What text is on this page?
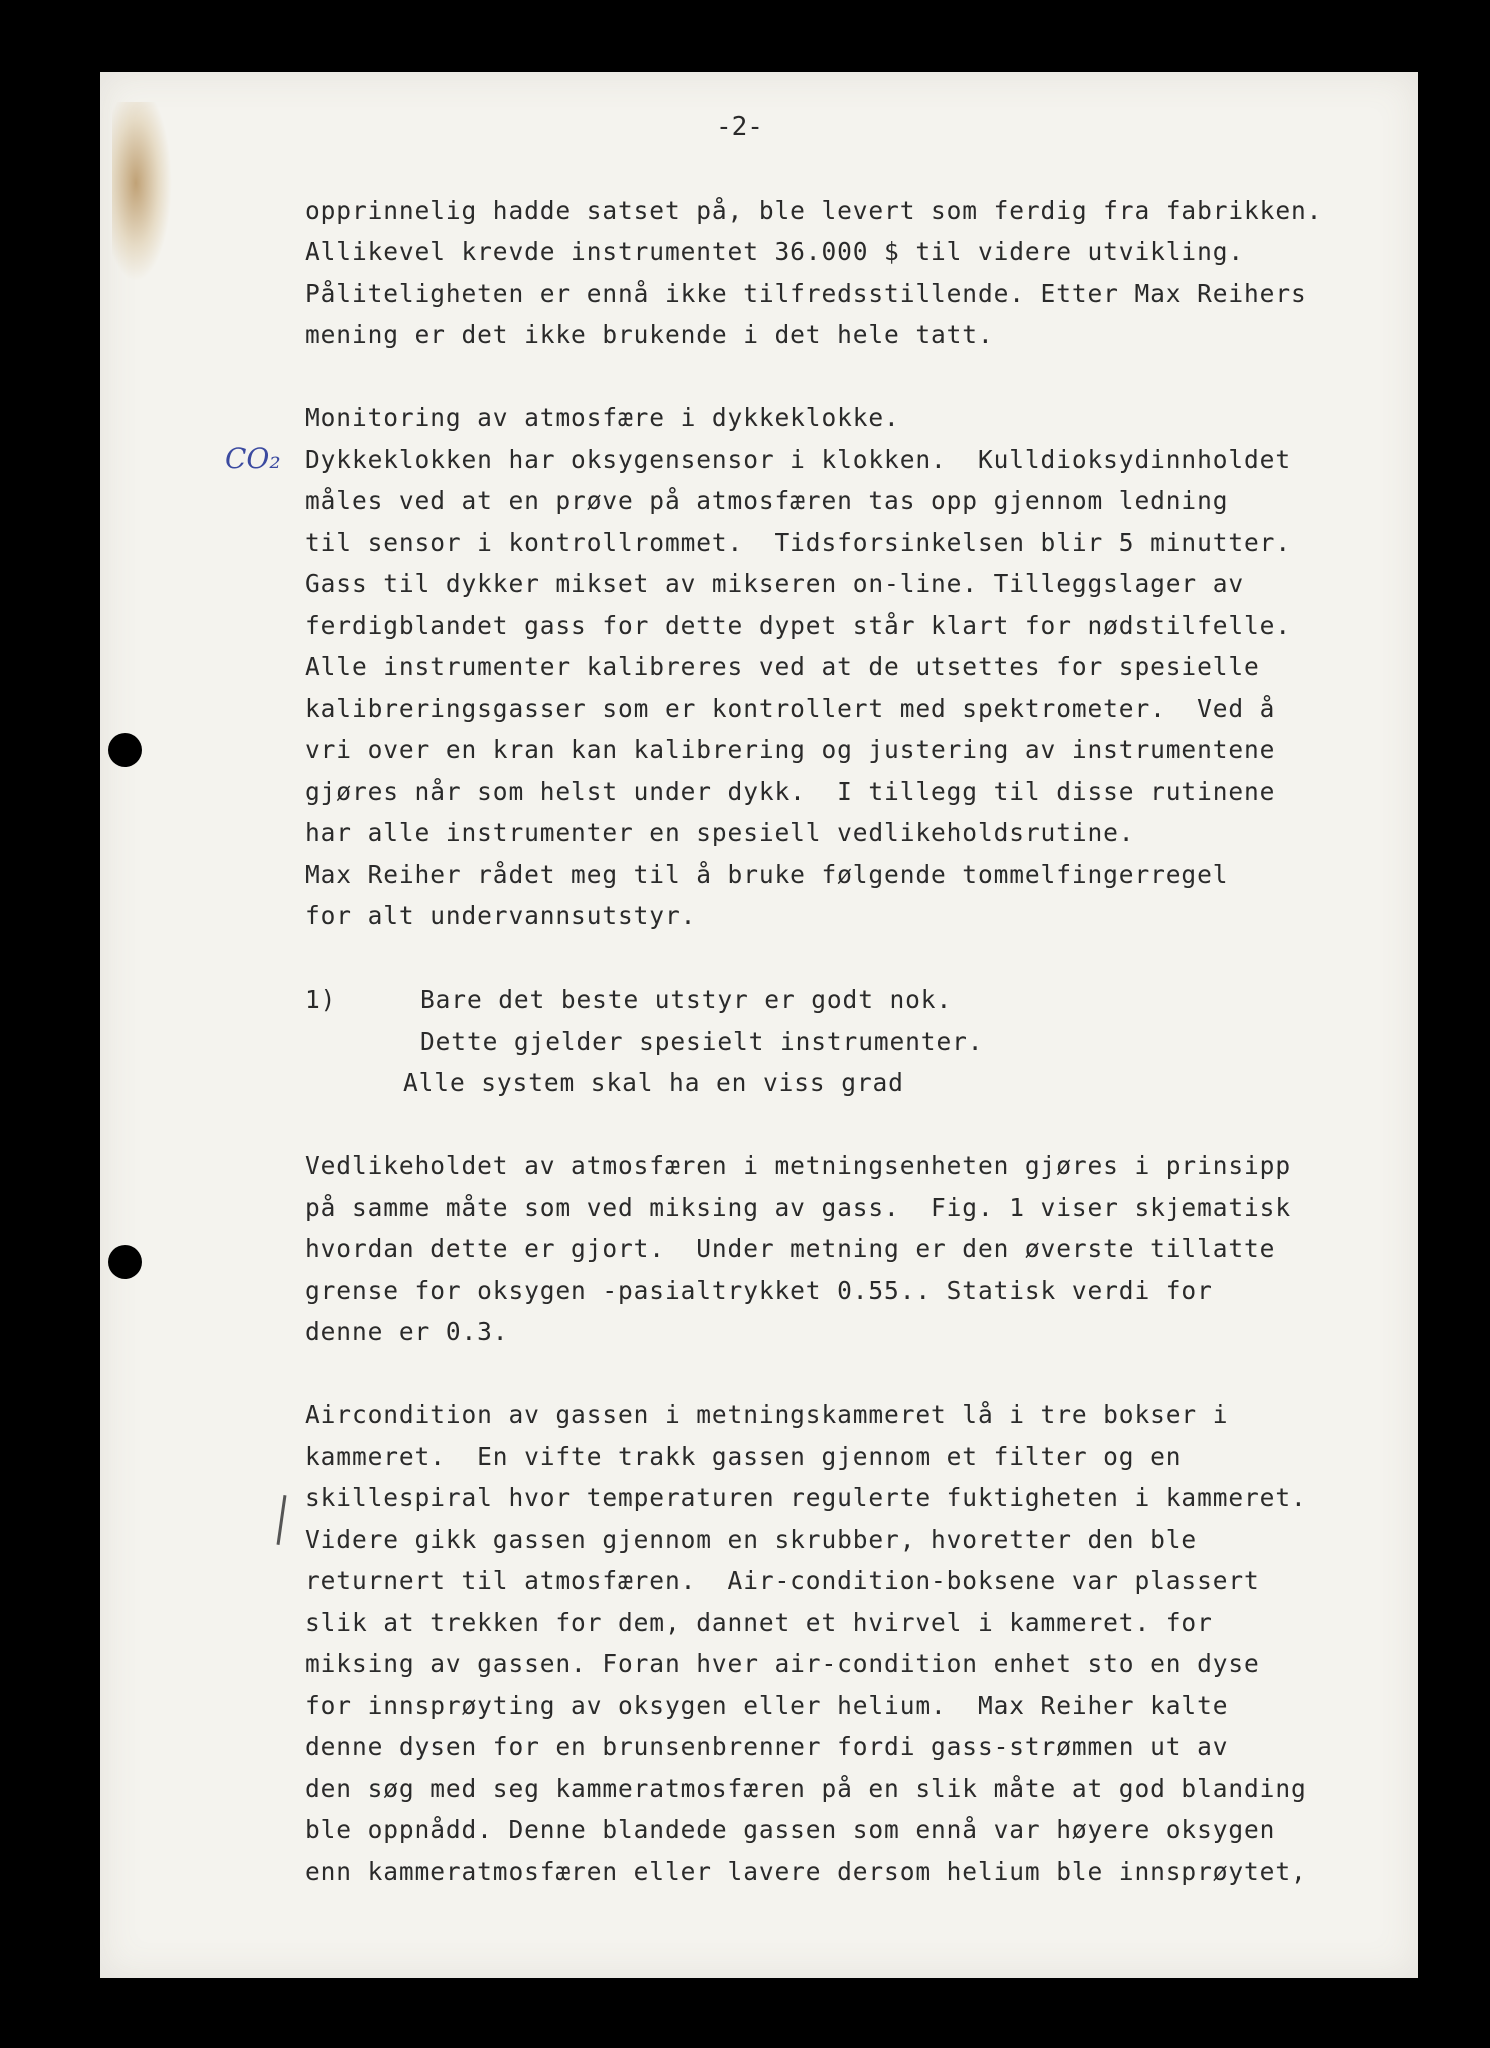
-2-
CO₂
opprinnelig hadde satset på, ble levert som ferdig fra fabrikken.
Allikevel krevde instrumentet 36.000 $ til videre utvikling.
Påliteligheten er ennå ikke tilfredsstillende. Etter Max Reihers
mening er det ikke brukende i det hele tatt.
Monitoring av atmosfære i dykkeklokke.
Dykkeklokken har oksygensensor i klokken.  Kulldioksydinnholdet
måles ved at en prøve på atmosfæren tas opp gjennom ledning
til sensor i kontrollrommet.  Tidsforsinkelsen blir 5 minutter.
Gass til dykker mikset av mikseren on-line. Tilleggslager av
ferdigblandet gass for dette dypet står klart for nødstilfelle.
Alle instrumenter kalibreres ved at de utsettes for spesielle
kalibreringsgasser som er kontrollert med spektrometer.  Ved å
vri over en kran kan kalibrering og justering av instrumentene
gjøres når som helst under dykk.  I tillegg til disse rutinene
har alle instrumenter en spesiell vedlikeholdsrutine.
Max Reiher rådet meg til å bruke følgende tommelfingerregel
for alt undervannsutstyr.
1)	Bare det beste utstyr er godt nok.
Dette gjelder spesielt instrumenter.
Alle system skal ha en viss grad
Vedlikeholdet av atmosfæren i metningsenheten gjøres i prinsipp
på samme måte som ved miksing av gass.  Fig. 1 viser skjematisk
hvordan dette er gjort.  Under metning er den øverste tillatte
grense for oksygen -pasialtrykket 0.55.. Statisk verdi for
denne er 0.3.
Aircondition av gassen i metningskammeret lå i tre bokser i
kammeret.  En vifte trakk gassen gjennom et filter og en
skillespiral hvor temperaturen regulerte fuktigheten i kammeret.
Videre gikk gassen gjennom en skrubber, hvoretter den ble
returnert til atmosfæren.  Air-condition-boksene var plassert
slik at trekken for dem, dannet et hvirvel i kammeret. for
miksing av gassen. Foran hver air-condition enhet sto en dyse
for innsprøyting av oksygen eller helium.  Max Reiher kalte
denne dysen for en brunsenbrenner fordi gass-strømmen ut av
den søg med seg kammeratmosfæren på en slik måte at god blanding
ble oppnådd. Denne blandede gassen som ennå var høyere oksygen
enn kammeratmosfæren eller lavere dersom helium ble innsprøytet,
